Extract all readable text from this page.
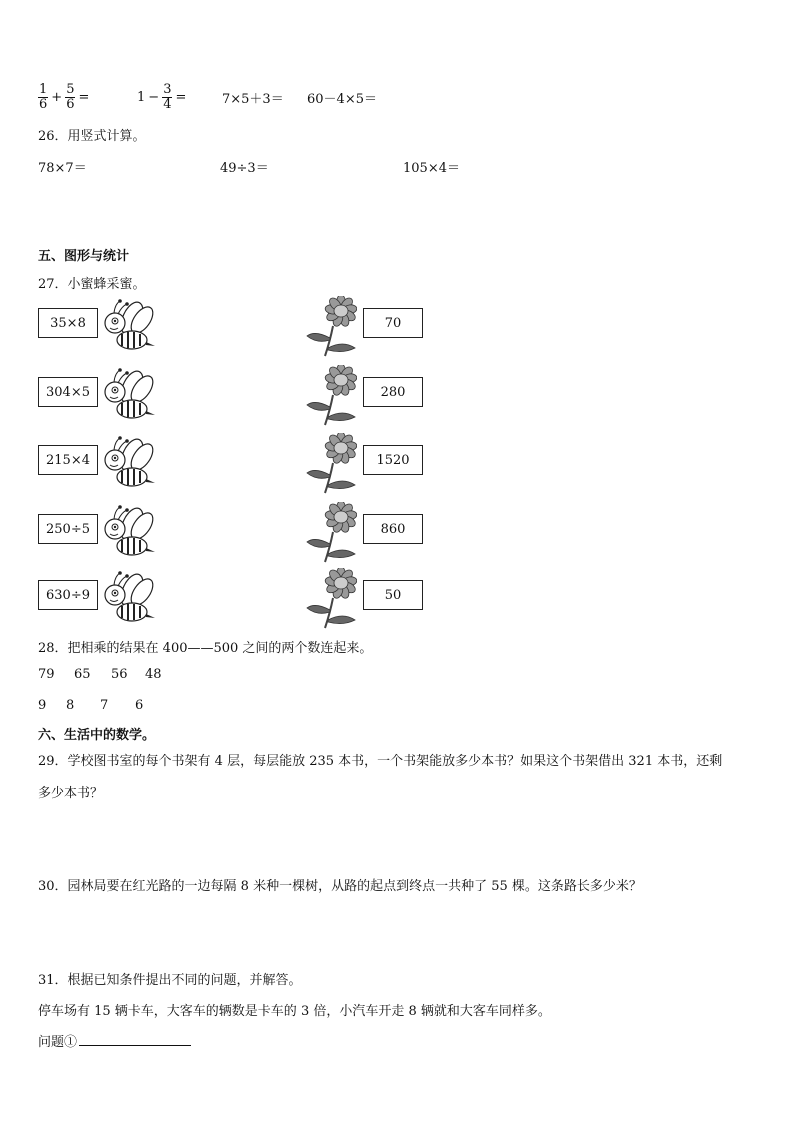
$\frac{1}{6} + \frac{5}{6}$ =	$1 - \frac{3}{4}$ =	7×5＋3＝ 60－4×5＝
26．用竖式计算。
78×7＝	49÷3＝	105×4＝
五、图形与统计
27．小蜜蜂采蜜。
35×8	70
304×5	280
215×4	1520
250÷5	860
630÷9	50
28．把相乘的结果在 400——500 之间的两个数连起来。
79 65 56 48
9 8 7 6
六、生活中的数学。
29．学校图书室的每个书架有 4 层，每层能放 235 本书，一个书架能放多少本书？如果这个书架借出 321 本书，还剩
多少本书？
30．园林局要在红光路的一边每隔 8 米种一棵树，从路的起点到终点一共种了 55 棵。这条路长多少米？
31．根据已知条件提出不同的问题，并解答。
停车场有 15 辆卡车，大客车的辆数是卡车的 3 倍，小汽车开走 8 辆就和大客车同样多。
问题①
